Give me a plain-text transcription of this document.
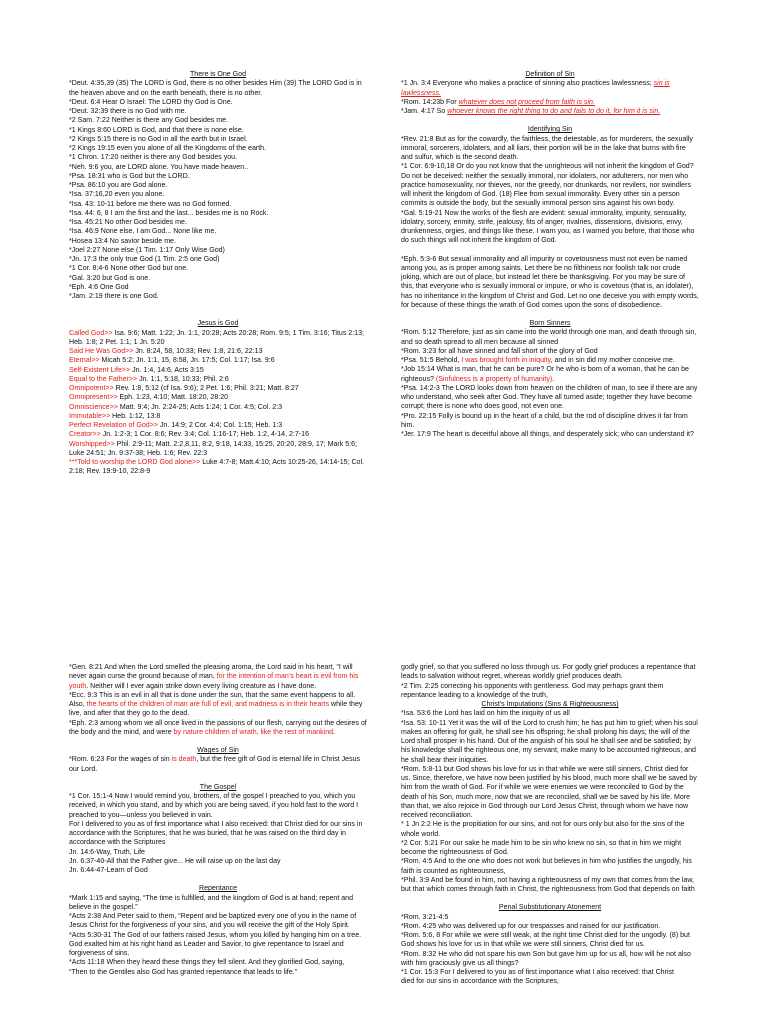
There is One God

*Deut. 4:35,39 (35) The LORD is God, there is no other besides Him (39) The LORD God is in the heaven above and on the earth beneath, there is no other.

*Deut. 6:4 Hear O Israel: The LORD thy God is One.

*Deut. 32:39 there is no God with me.

*2 Sam. 7:22 Neither is there any God besides me.

*1 Kings 8:60 LORD is God, and that there is none else.

*2 Kings 5:15 there is no God in all the earth but in Israel.

*2 Kings 19:15 even you alone of all the Kingdoms of the earth.

*1 Chron. 17:20 neither is there any God besides you.

*Neh. 9:6 you, are LORD alone. You have made heaven..

*Psa. 18:31 who is God but the LORD.

*Psa. 86:10 you are God alone.

*Isa. 37:16,20 even you alone.

*Isa. 43: 10-11 before me there was no God formed.

*Isa. 44: 6, 8 I am the first and the last... besides me is no Rock.

*Isa. 45:21 No other God besides me.

*Isa. 46:9 None else, I am God... None like me.

*Hosea 13:4 No savior beside me.

*Joel 2:27 None else (1 Tim. 1:17 Only Wise God)

*Jn. 17:3 the only true God (1 Tim. 2:5 one God)

*1 Cor. 8:4-6 None other God but one.

*Gal. 3:20 but God is one.

*Eph. 4:6 One God

*Jam. 2:19 there is one God.

Jesus is God

Called God>> Isa. 9:6; Matt. 1:22; Jn. 1:1, 20:28; Acts 20:28; Rom. 9:5; 1 Tim. 3:16; Titus 2:13; Heb. 1:8; 2 Pet. 1:1; 1 Jn. 5:20

Said He Was God>> Jn. 8:24, 58, 10:33; Rev. 1:8, 21:6, 22:13

Eternal>> Micah 5:2; Jn. 1:1, 15, 8:58, Jn. 17:5; Col. 1:17; Isa. 9:6

Self-Existent Life>> Jn. 1:4, 14:6, Acts 3:15

Equal to the Father>> Jn. 1:1, 5:18, 10:33; Phil. 2:6

Omnipotent>> Rev. 1:8, 5:12 (cf Isa. 9:6); 2 Pet. 1:6; Phil. 3:21; Matt. 8:27

Omnipresent>> Eph. 1:23, 4:10; Matt. 18:20, 28:20

Omniscience>> Matt. 9:4; Jn. 2:24-25; Acts 1:24; 1 Cor. 4:5; Col. 2:3

Immutable>> Heb. 1:12, 13:8

Perfect Revelation of God>> Jn. 14:9; 2 Cor. 4:4; Col. 1:15; Heb. 1:3

Creator>> Jn. 1:2-3; 1 Cor. 8:6; Rev. 3:4; Col. 1:16-17; Heb. 1:2, 4-14, 2:7-16

Worshipped>> Phil. 2:9-11; Matt. 2:2,8,11, 8:2, 9:18, 14:33, 15:25, 20:20, 28:9, 17; Mark 5:6; Luke 24:51; Jn. 9:37-38; Heb. 1:6; Rev. 22:3

***Told to worship the LORD God alone>> Luke 4:7-8; Matt.4:10; Acts 10:25-26, 14:14-15; Col. 2:18; Rev. 19:9-10, 22:8-9

Definition of Sin

*1 Jn. 3:4 Everyone who makes a practice of sinning also practices lawlessness; sin is lawlessness.

*Rom. 14:23b For whatever does not proceed from faith is sin.

*Jam. 4:17 So whoever knows the right thing to do and fails to do it, for him it is sin.

Identifying Sin

*Rev. 21:8 But as for the cowardly, the faithless, the detestable, as for murderers, the sexually immoral, sorcerers, idolaters, and all liars, their portion will be in the lake that burns with fire and sulfur, which is the second death.

*1 Cor. 6:9-10,18 Or do you not know that the unrighteous will not inherit the kingdom of God? Do not be deceived: neither the sexually immoral, nor idolaters, nor adulterers, nor men who practice homosexuality, nor thieves, nor the greedy, nor drunkards, nor revilers, nor swindlers will inherit the kingdom of God. (18) Flee from sexual immorality. Every other sin a person commits is outside the body, but the sexually immoral person sins against his own body.

*Gal. 5:19-21 Now the works of the flesh are evident: sexual immorality, impurity, sensuality, idolatry, sorcery, enmity, strife, jealousy, fits of anger, rivalries, dissensions, divisions, envy, drunkenness, orgies, and things like these. I warn you, as I warned you before, that those who do such things will not inherit the kingdom of God.

*Eph. 5:3-6 But sexual immorality and all impurity or covetousness must not even be named among you, as is proper among saints. Let there be no filthiness nor foolish talk nor crude joking, which are out of place, but instead let there be thanksgiving. For you may be sure of this, that everyone who is sexually immoral or impure, or who is covetous (that is, an idolater), has no inheritance in the kingdom of Christ and God. Let no one deceive you with empty words, for because of these things the wrath of God comes upon the sons of disobedience.

Born Sinners

*Rom. 5:12 Therefore, just as sin came into the world through one man, and death through sin, and so death spread to all men because all sinned

*Rom. 3:23 for all have sinned and fall short of the glory of God

*Psa. 51:5 Behold, I was brought forth in iniquity, and in sin did my mother conceive me.

*Job 15:14 What is man, that he can be pure? Or he who is born of a woman, that he can be righteous? (Sinfulness is a property of humanity).

*Psa. 14:2-3 The LORD looks down from heaven on the children of man, to see if there are any who understand, who seek after God. They have all turned aside; together they have become corrupt; there is none who does good, not even one.

*Pro. 22:15 Folly is bound up in the heart of a child, but the rod of discipline drives it far from him.

*Jer. 17:9 The heart is deceitful above all things, and desperately sick; who can understand it?

*Gen. 8:21 And when the Lord smelled the pleasing aroma, the Lord said in his heart, “I will never again curse the ground because of man, for the intention of man’s heart is evil from his youth. Neither will I ever again strike down every living creature as I have done.

*Ecc. 9:3 This is an evil in all that is done under the sun, that the same event happens to all. Also, the hearts of the children of man are full of evil, and madness is in their hearts while they live, and after that they go to the dead.

*Eph. 2:3 among whom we all once lived in the passions of our flesh, carrying out the desires of the body and the mind, and were by nature children of wrath, like the rest of mankind.

Wages of Sin

*Rom. 6:23 For the wages of sin is death, but the free gift of God is eternal life in Christ Jesus our Lord.

The Gospel

*1 Cor. 15:1-4 Now I would remind you, brothers, of the gospel I preached to you, which you received, in which you stand, and by which you are being saved, if you hold fast to the word I preached to you—unless you believed in vain.

For I delivered to you as of first importance what I also received: that Christ died for our sins in accordance with the Scriptures, that he was buried, that he was raised on the third day in accordance with the Scriptures

Jn. 14:6-Way, Truth, Life

Jn. 6:37-40-All that the Father give... He will raise up on the last day

Jn. 6:44-47-Learn of God

Repentance

*Mark 1:15 and saying, “The time is fulfilled, and the kingdom of God is at hand; repent and believe in the gospel.”

*Acts 2:38 And Peter said to them, “Repent and be baptized every one of you in the name of Jesus Christ for the forgiveness of your sins, and you will receive the gift of the Holy Spirit.

*Acts 5:30-31 The God of our fathers raised Jesus, whom you killed by hanging him on a tree. God exalted him at his right hand as Leader and Savior, to give repentance to Israel and forgiveness of sins.

*Acts 11:18 When they heard these things they fell silent. And they glorified God, saying,

“Then to the Gentiles also God has granted repentance that leads to life.”

godly grief, so that you suffered no loss through us. For godly grief produces a repentance that leads to salvation without regret, whereas worldly grief produces death.

*2 Tim. 2:25 correcting his opponents with gentleness. God may perhaps grant them repentance leading to a knowledge of the truth,

Christ's Imputations (Sins & Righteousness)

*Isa. 53:6 the Lord has laid on him the iniquity of us all

*Isa. 53: 10-11 Yet it was the will of the Lord to crush him; he has put him to grief; when his soul makes an offering for guilt, he shall see his offspring; he shall prolong his days; the will of the Lord shall prosper in his hand. Out of the anguish of his soul he shall see and be satisfied; by his knowledge shall the righteous one, my servant, make many to be accounted righteous, and he shall bear their iniquities.

*Rom. 5:8-11 but God shows his love for us in that while we were still sinners, Christ died for us. Since, therefore, we have now been justified by his blood, much more shall we be saved by him from the wrath of God. For if while we were enemies we were reconciled to God by the death of his Son, much more, now that we are reconciled, shall we be saved by his life. More than that, we also rejoice in God through our Lord Jesus Christ, through whom we have now received reconciliation.

* 1 Jn 2:2 He is the propitiation for our sins, and not for ours only but also for the sins of the whole world.

*2 Cor. 5:21 For our sake he made him to be sin who knew no sin, so that in him we might become the righteousness of God.

*Rom. 4:5 And to the one who does not work but believes in him who justifies the ungodly, his faith is counted as righteousness,

*Phil. 3:9 And be found in him, not having a righteousness of my own that comes from the law, but that which comes through faith in Christ, the righteousness from God that depends on faith

Penal Substitutionary Atonement

*Rom. 3:21-4:5

*Rom. 4:25 who was delivered up for our trespasses and raised for our justification.

*Rom. 5:6, 8 For while we were still weak, at the right time Christ died for the ungodly. (8) but God shows his love for us in that while we were still sinners, Christ died for us.

*Rom. 8:32 He who did not spare his own Son but gave him up for us all, how will he not also with him graciously give us all things?

*1 Cor. 15:3 For I delivered to you as of first importance what I also received: that Christ

died for our sins in accordance with the Scriptures,
